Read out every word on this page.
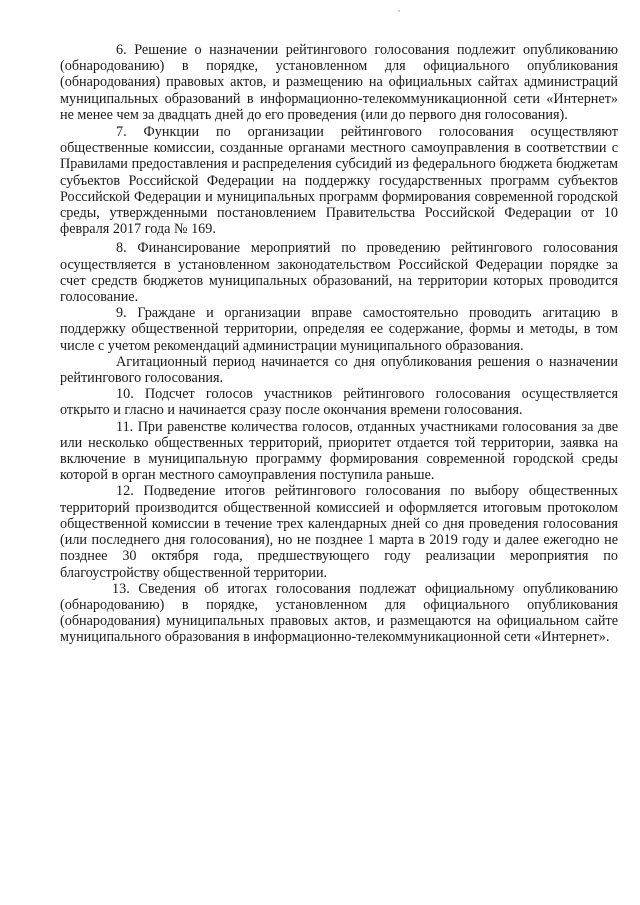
6. Решение о назначении рейтингового голосования подлежит опубликованию (обнародованию) в порядке, установленном для официального опубликования (обнародования) правовых актов, и размещению на официальных сайтах администраций муниципальных образований в информационно-телекоммуникационной сети «Интернет» не менее чем за двадцать дней до его проведения (или до первого дня голосования).

7. Функции по организации рейтингового голосования осуществляют общественные комиссии, созданные органами местного самоуправления в соответствии с Правилами предоставления и распределения субсидий из федерального бюджета бюджетам субъектов Российской Федерации на поддержку государственных программ субъектов Российской Федерации и муниципальных программ формирования современной городской среды, утвержденными постановлением Правительства Российской Федерации от 10 февраля 2017 года № 169.

8. Финансирование мероприятий по проведению рейтингового голосования осуществляется в установленном законодательством Российской Федерации порядке за счет средств бюджетов муниципальных образований, на территории которых проводится голосование.

9. Граждане и организации вправе самостоятельно проводить агитацию в поддержку общественной территории, определяя ее содержание, формы и методы, в том числе с учетом рекомендаций администрации муниципального образования.

Агитационный период начинается со дня опубликования решения о назначении рейтингового голосования.

10. Подсчет голосов участников рейтингового голосования осуществляется открыто и гласно и начинается сразу после окончания времени голосования.

11. При равенстве количества голосов, отданных участниками голосования за две или несколько общественных территорий, приоритет отдается той территории, заявка на включение в муниципальную программу формирования современной городской среды которой в орган местного самоуправления поступила раньше.

12. Подведение итогов рейтингового голосования по выбору общественных территорий производится общественной комиссией и оформляется итоговым протоколом общественной комиссии в течение трех календарных дней со дня проведения голосования (или последнего дня голосования), но не позднее 1 марта в 2019 году и далее ежегодно не позднее 30 октября года, предшествующего году реализации мероприятия по благоустройству общественной территории.

13. Сведения об итогах голосования подлежат официальному опубликованию (обнародованию) в порядке, установленном для официального опубликования (обнародования) муниципальных правовых актов, и размещаются на официальном сайте муниципального образования в информационно-телекоммуникационной сети «Интернет».
